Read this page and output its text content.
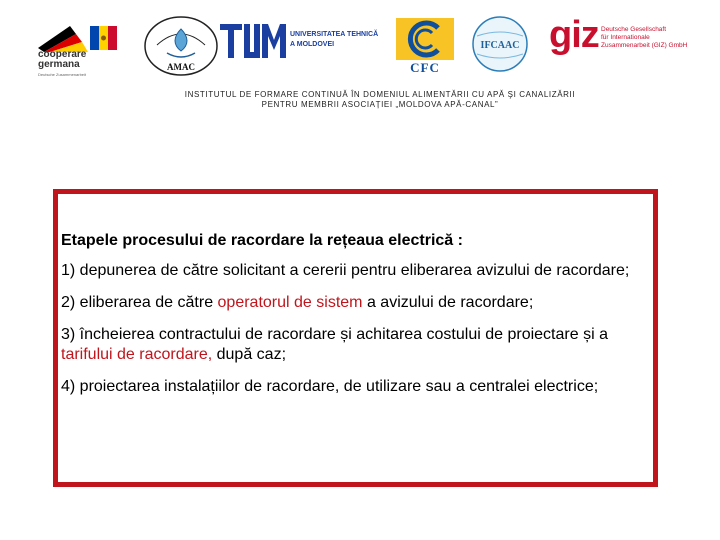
cooperare
germana
Deutsche Zusammenarbeit
AMAC
UNIVERSITATEA TEHNICĂ
A MOLDOVEI
CFC
IFCAAC giz Deutsche Gesellschaft
für Internationale
Zusammenarbeit (GIZ) GmbH
INSTITUTUL DE FORMARE CONTINUĂ ÎN DOMENIUL ALIMENTĂRII CU APĂ ŞI CANALIZĂRII
PENTRU MEMBRII ASOCIAȚIEI „MOLDOVA APĂ-CANAL”
Etapele procesului de racordare la rețeaua electrică :
1) depunerea de către solicitant a cererii pentru eliberarea avizului de racordare;
2) eliberarea de către operatorul de sistem a avizului de racordare;
3) încheierea contractului de racordare și achitarea costului de proiectare și a tarifului de racordare, după caz;
4) proiectarea instalațiilor de racordare, de utilizare sau a centralei electrice;
